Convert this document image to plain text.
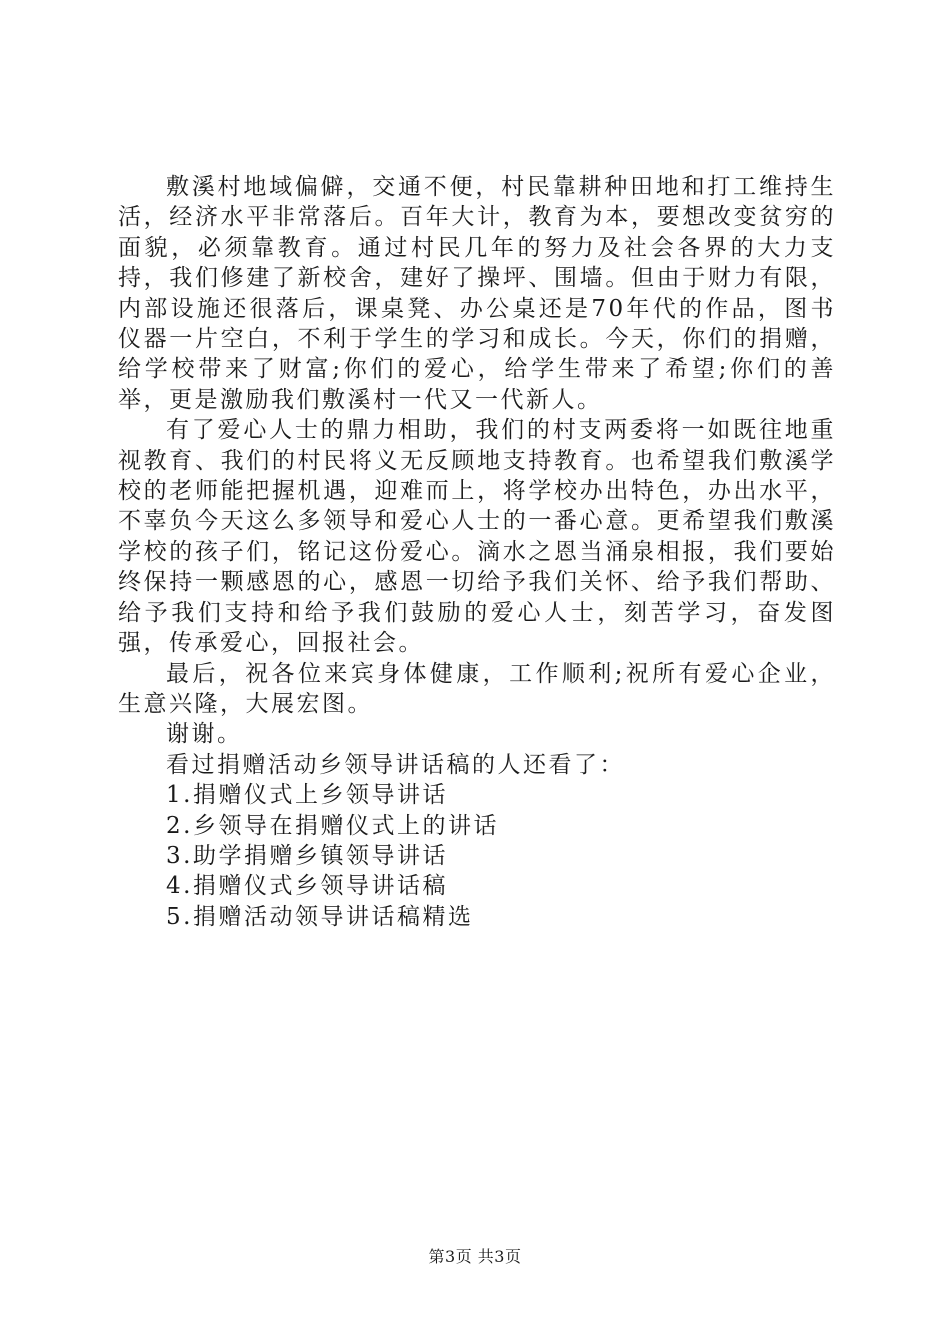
敷溪村地域偏僻，交通不便，村民靠耕种田地和打工维持生活，经济水平非常落后。百年大计，教育为本，要想改变贫穷的面貌，必须靠教育。通过村民几年的努力及社会各界的大力支持，我们修建了新校舍，建好了操坪、围墙。但由于财力有限，内部设施还很落后，课桌凳、办公桌还是70年代的作品，图书仪器一片空白，不利于学生的学习和成长。今天，你们的捐赠，给学校带来了财富;你们的爱心，给学生带来了希望;你们的善举，更是激励我们敷溪村一代又一代新人。

有了爱心人士的鼎力相助，我们的村支两委将一如既往地重视教育、我们的村民将义无反顾地支持教育。也希望我们敷溪学校的老师能把握机遇，迎难而上，将学校办出特色，办出水平，不辜负今天这么多领导和爱心人士的一番心意。更希望我们敷溪学校的孩子们，铭记这份爱心。滴水之恩当涌泉相报，我们要始终保持一颗感恩的心，感恩一切给予我们关怀、给予我们帮助、给予我们支持和给予我们鼓励的爱心人士，刻苦学习，奋发图强，传承爱心，回报社会。

最后，祝各位来宾身体健康，工作顺利;祝所有爱心企业，生意兴隆，大展宏图。

谢谢。

看过捐赠活动乡领导讲话稿的人还看了：

1.捐赠仪式上乡领导讲话
2.乡领导在捐赠仪式上的讲话
3.助学捐赠乡镇领导讲话
4.捐赠仪式乡领导讲话稿
5.捐赠活动领导讲话稿精选
第3页 共3页
